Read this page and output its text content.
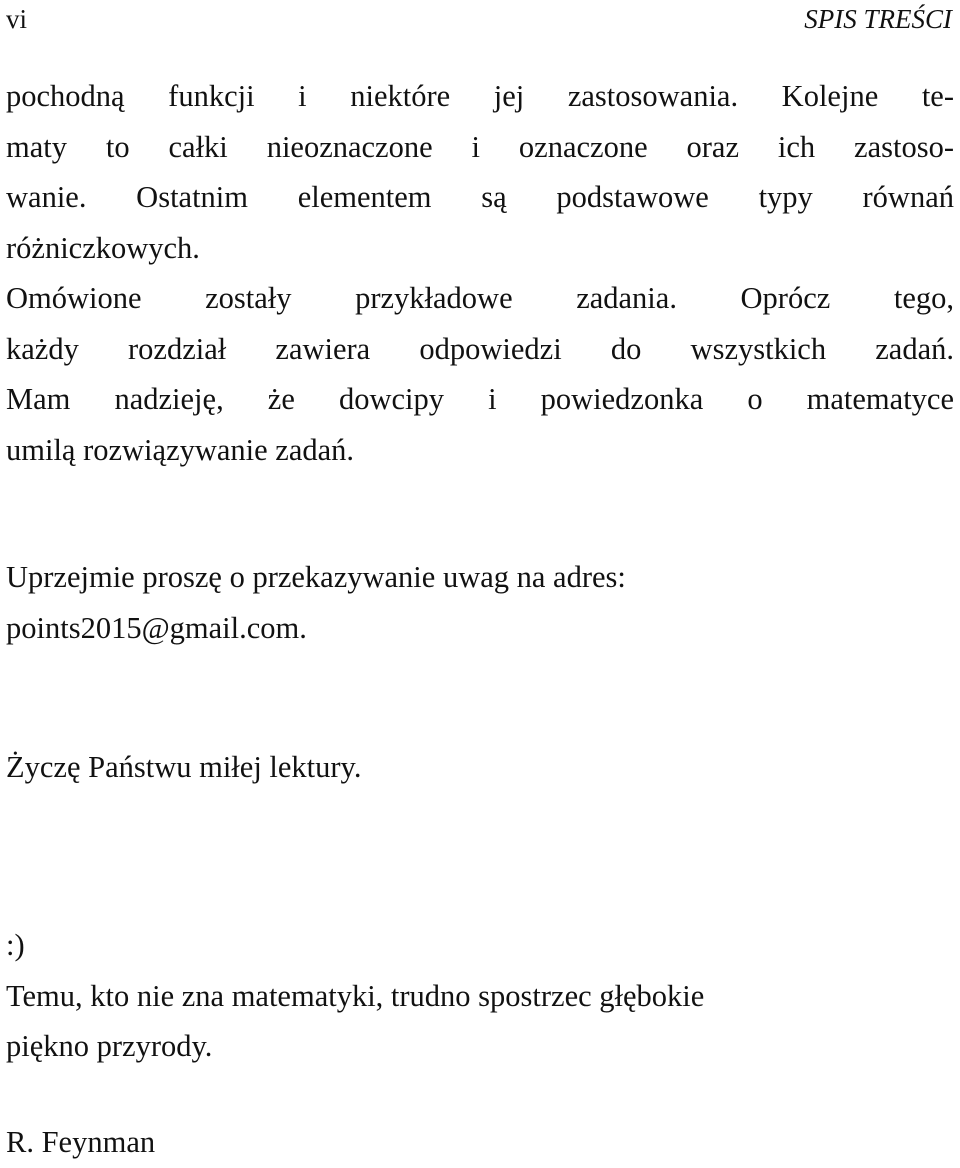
vi	SPIS TREŚCI
pochodną funkcji i niektóre jej zastosowania. Kolejne te-
maty to całki nieoznaczone i oznaczone oraz ich zastoso-
wanie. Ostatnim elementem są podstawowe typy równań
różniczkowych.
Omówione zostały przykładowe zadania. Oprócz tego,
każdy rozdział zawiera odpowiedzi do wszystkich zadań.
Mam nadzieję, że dowcipy i powiedzonka o matematyce
umilą rozwiązywanie zadań.
Uprzejmie proszę o przekazywanie uwag na adres:
points2015@gmail.com.
Życzę Państwu miłej lektury.
:)
Temu, kto nie zna matematyki, trudno spostrzec głębokie
piękno przyrody.
R. Feynman
